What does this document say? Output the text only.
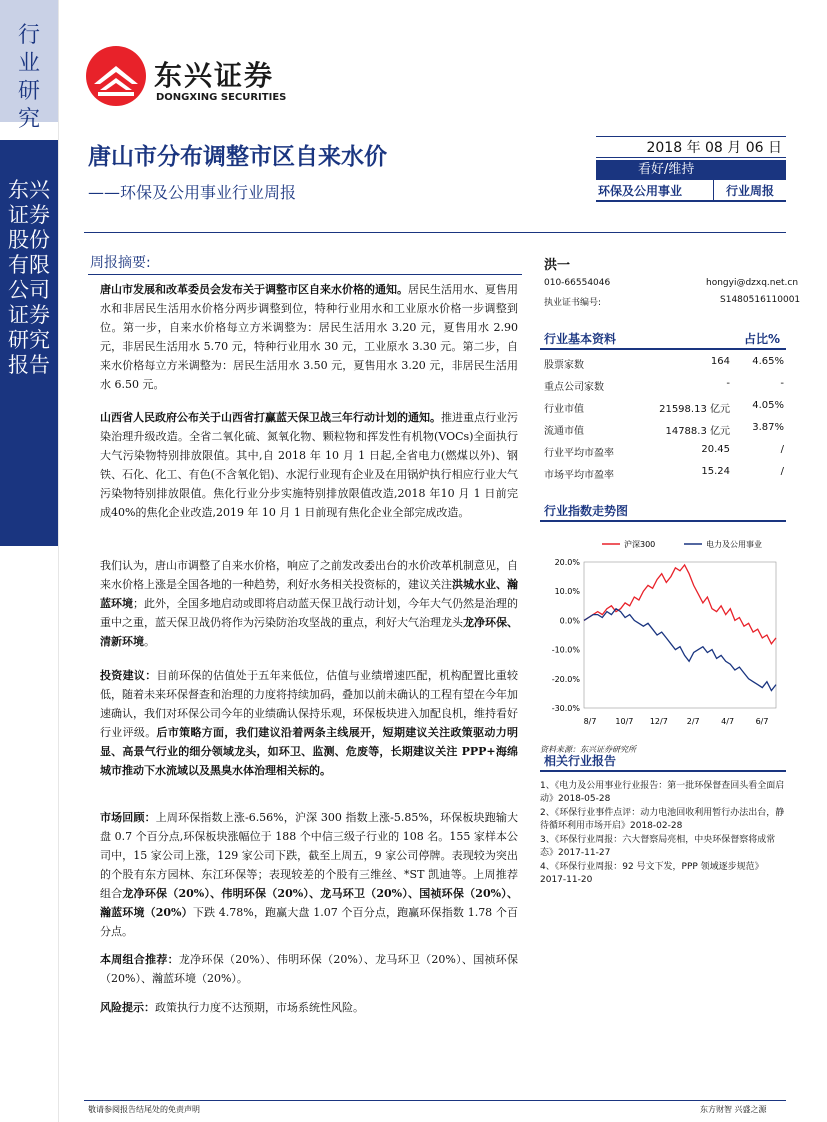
行业研究
东兴证券股份有限公司证券研究报告
东兴证券
DONGXING SECURITIES
唐山市分布调整市区自来水价
——环保及公用事业行业周报
2018 年 08 月 06 日
看好/维持
环保及公用事业	行业周报
周报摘要:
唐山市发展和改革委员会发布关于调整市区自来水价格的通知。居民生活用水、夏售用水和非居民生活用水价格分两步调整到位，特种行业用水和工业原水价格一步调整到位。第一步，自来水价格每立方米调整为：居民生活用水 3.20 元，夏售用水 2.90 元，非居民生活用水 5.70 元，特种行业用水 30 元，工业原水 3.30 元。第二步，自来水价格每立方米调整为：居民生活用水 3.50 元，夏售用水 3.20 元，非居民生活用水 6.50 元。
山西省人民政府公布关于山西省打赢蓝天保卫战三年行动计划的通知。推进重点行业污染治理升级改造。全省二氧化硫、氮氧化物、颗粒物和挥发性有机物(VOCs)全面执行大气污染物特别排放限值。其中,自 2018 年 10 月 1 日起,全省电力(燃煤以外)、钢铁、石化、化工、有色(不含氧化铝)、水泥行业现有企业及在用锅炉执行相应行业大气污染物特别排放限值。焦化行业分步实施特别排放限值改造,2018 年10 月 1 日前完成40%的焦化企业改造,2019 年 10 月 1 日前现有焦化企业全部完成改造。
我们认为，唐山市调整了自来水价格，响应了之前发改委出台的水价改革机制意见，自来水价格上涨是全国各地的一种趋势，利好水务相关投资标的，建议关注洪城水业、瀚蓝环境；此外，全国多地启动或即将启动蓝天保卫战行动计划，今年大气仍然是治理的重中之重，蓝天保卫战仍将作为污染防治攻坚战的重点，利好大气治理龙头龙净环保、清新环境。
投资建议：目前环保的估值处于五年来低位，估值与业绩增速匹配，机构配置比重较低，随着未来环保督查和治理的力度将持续加码，叠加以前未确认的工程有望在今年加速确认，我们对环保公司今年的业绩确认保持乐观，环保板块进入加配良机，维持看好行业评级。后市策略方面，我们建议沿着两条主线展开，短期建议关注政策驱动力明显、高景气行业的细分领域龙头，如环卫、监测、危废等，长期建议关注 PPP+海绵城市推动下水流域以及黑臭水体治理相关标的。
市场回顾：上周环保指数上涨-6.56%，沪深 300 指数上涨-5.85%，环保板块跑输大盘 0.7 个百分点,环保板块涨幅位于 188 个中信三级子行业的 108 名。155 家样本公司中，15 家公司上涨，129 家公司下跌，截至上周五，9 家公司停牌。表现较为突出的个股有东方园林、东江环保等；表现较差的个股有三维丝、*ST 凯迪等。上周推荐组合龙净环保（20%）、伟明环保（20%）、龙马环卫（20%）、国祯环保（20%）、瀚蓝环境（20%）下跌 4.78%，跑赢大盘 1.07 个百分点，跑赢环保指数 1.78 个百分点。
本周组合推荐：龙净环保（20%）、伟明环保（20%）、龙马环卫（20%）、国祯环保（20%）、瀚蓝环境（20%）。
风险提示：政策执行力度不达预期，市场系统性风险。
洪一
010-66554046	hongyi@dzxq.net.cn
执业证书编号:	S1480516110001
行业基本资料	占比%
股票家数	164	4.65%
重点公司家数	-	-
行业市值	21598.13 亿元	4.05%
流通市值	14788.3 亿元	3.87%
行业平均市盈率	20.45	/
市场平均市盈率	15.24	/
行业指数走势图
20.0%
10.0%
0.0%
-10.0%
-20.0%
-30.0%
8/7 10/7 12/7 2/7	4/7	6/7
沪深300	电力及公用事业
资料来源：东兴证券研究所
相关行业报告
1、《电力及公用事业行业报告：第一批环保督查回头看全面启动》2018-05-28
2、《环保行业事件点评：动力电池回收利用暂行办法出台，静待循环利用市场开启》2018-02-28
3、《环保行业周报：六大督察局亮相，中央环保督察将成常态》2017-11-27
4、《环保行业周报：92 号文下发，PPP 领域逐步规范》2017-11-20
敬请参阅报告结尾处的免责声明	东方财智 兴盛之源
